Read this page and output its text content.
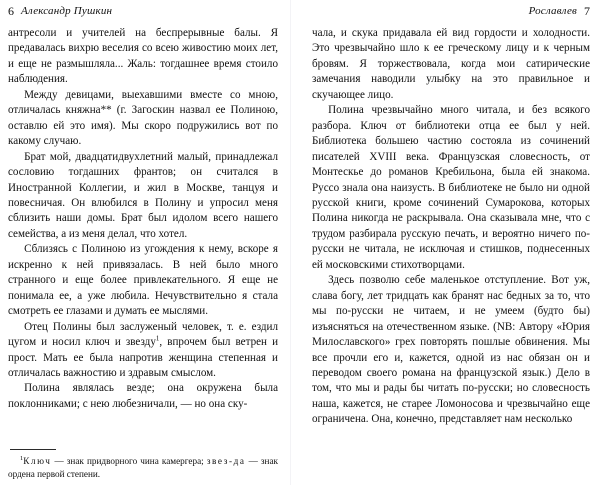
6 Александр Пушкин

антресоли и учителей на беспрерывные балы. Я предавалась вихрю веселия со всею живостию моих лет, и еще не размышляла... Жаль: тогдашнее время стоило наблюдения.

Между девицами, выехавшими вместе со мною, отличалась княжна** (г. Загоскин назвал ее Полиною, оставлю ей это имя). Мы скоро подружились вот по какому случаю.

Брат мой, двадцатидвухлетний малый, принадлежал сословию тогдашних франтов; он считался в Иностранной Коллегии, и жил в Москве, танцуя и повесничая. Он влюбился в Полину и упросил меня сблизить наши домы. Брат был идолом всего нашего семейства, а из меня делал, что хотел.

Сблизясь с Полиною из угождения к нему, вскоре я искренно к ней привязалась. В ней было много странного и еще более привлекательного. Я еще не понимала ее, а уже любила. Нечувствительно я стала смотреть ее глазами и думать ее мыслями.

Отец Полины был заслуженый человек, т. е. ездил цугом и носил ключ и звезду$^1$, впрочем был ветрен и прост. Мать ее была напротив женщина степенная и отличалась важностию и здравым смыслом.

Полина являлась везде; она окружена была поклонниками; с нею любезничали, — но она ску-

$^1$Ключ — знак придворного чина камергера; звез-да — знак ордена первой степени.

Рославлев 7

чала, и скука придавала ей вид гордости и холодности. Это чрезвычайно шло к ее греческому лицу и к черным бровям. Я торжествовала, когда мои сатирические замечания наводили улыбку на это правильное и скучающее лицо.

Полина чрезвычайно много читала, и без всякого разбора. Ключ от библиотеки отца ее был у ней. Библиотека большею частию состояла из сочинений писателей XVIII века. Французская словесность, от Монтескье до романов Кребильона, была ей знакома. Руссо знала она наизусть. В библиотеке не было ни одной русской книги, кроме сочинений Сумарокова, которых Полина никогда не раскрывала. Она сказывала мне, что с трудом разбирала русскую печать, и вероятно ничего по-русски не читала, не исключая и стишков, поднесенных ей московскими стихотворцами.

Здесь позволю себе маленькое отступление. Вот уж, слава богу, лет тридцать как бранят нас бедных за то, что мы по-русски не читаем, и не умеем (будто бы) изъясняться на отечественном языке. (NB: Автору «Юрия Милославского» грех повторять пошлые обвинения. Мы все прочли его и, кажется, одной из нас обязан он и переводом своего романа на французской язык.) Дело в том, что мы и рады бы читать по-русски; но словесность наша, кажется, не старее Ломоносова и чрезвычайно еще ограничена. Она, конечно, представляет нам несколько
